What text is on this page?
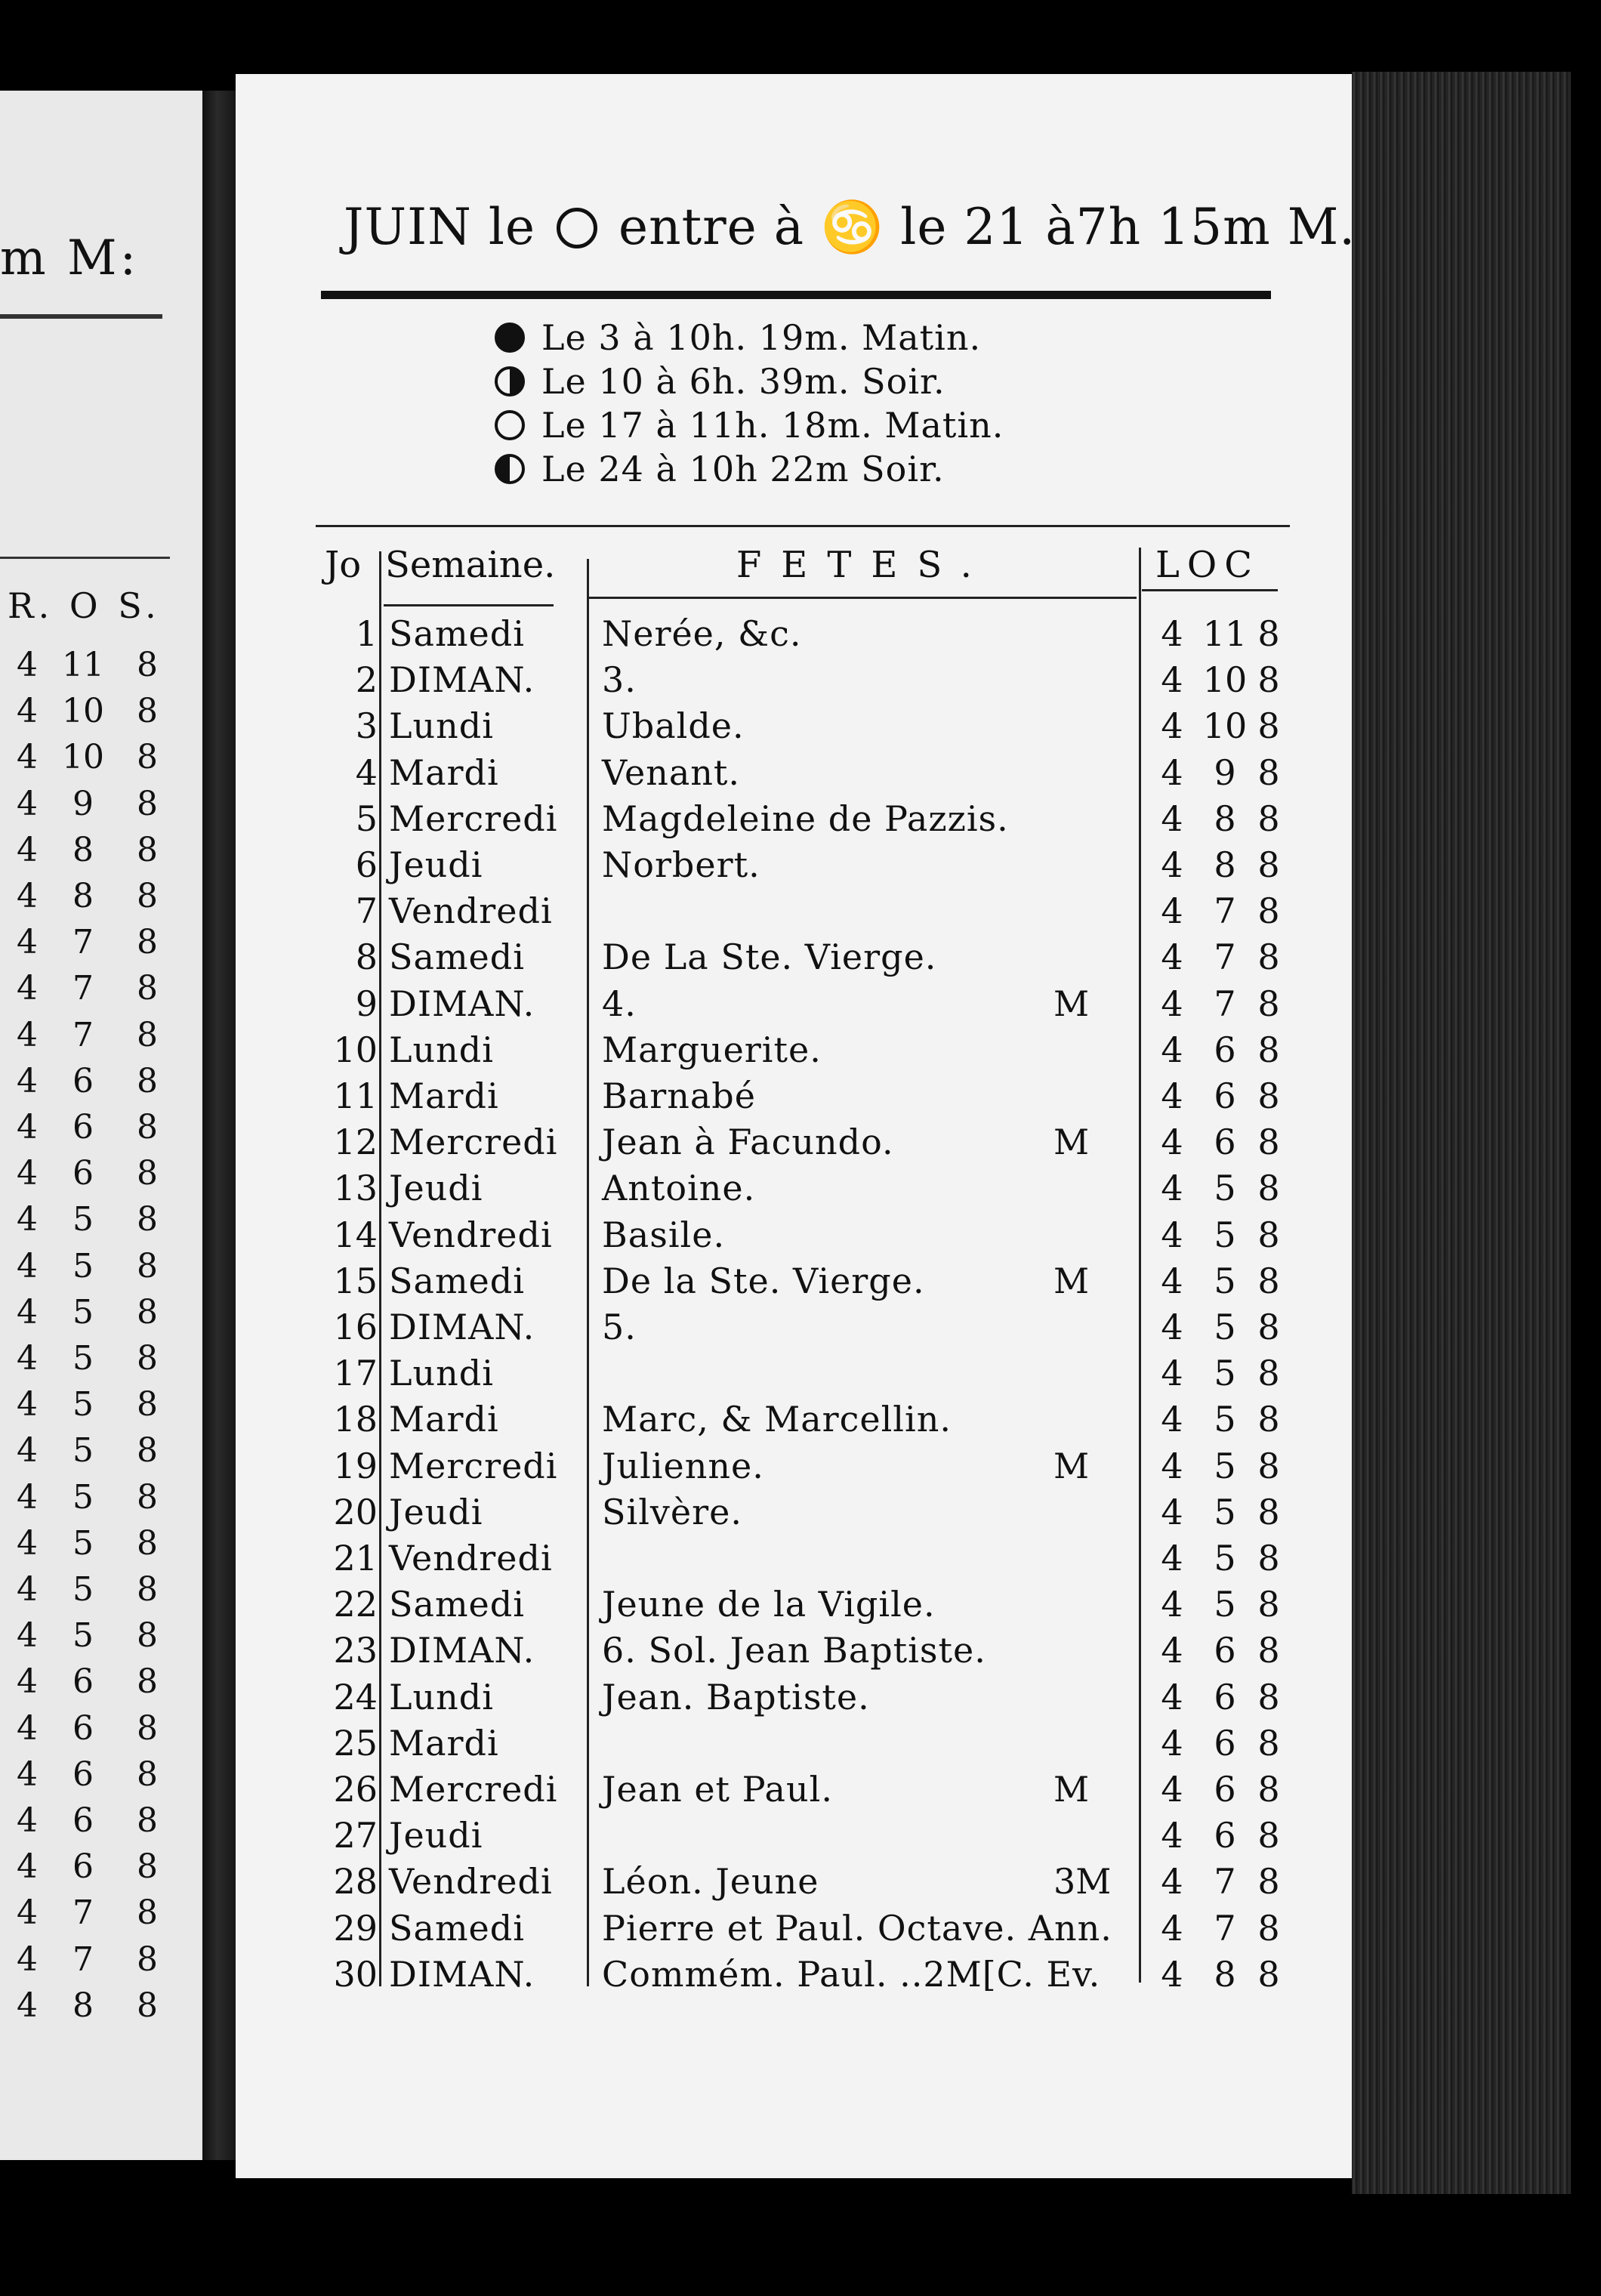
m M:
R. O S.
4 11 8
4 10 8
4 10 8
4 9 8
4 8 8
4 8 8
4 7 8
4 7 8
4 7 8
4 6 8
4 6 8
4 6 8
4 5 8
4 5 8
4 5 8
4 5 8
4 5 8
4 5 8
4 5 8
4 5 8
4 5 8
4 5 8
4 6 8
4 6 8
4 6 8
4 6 8
4 6 8
4 7 8
4 7 8
4 8 8
JUIN le entre à ♋ le 21 à7h 15m M.
Le 3 à 10h. 19m. Matin.
Le 10 à 6h. 39m. Soir.
Le 17 à 11h. 18m. Matin.
Le 24 à 10h 22m Soir.
Jo Semaine.	FETES.	LOC
1 Samedi Nerée, &c.	4 11 8
2 DIMAN. 3.	4 10 8
3 Lundi	Ubalde.	4 10 8
4 Mardi	Venant.	4 9 8
5 Mercredi Magdeleine de Pazzis.	4 8 8
6 Jeudi	Norbert.	4 8 8
7 Vendredi	4 7 8
8 Samedi De La Ste. Vierge.	4 7 8
9 DIMAN. 4.	M 4 7 8
10 Lundi	Marguerite.	4 6 8
11 Mardi	Barnabé	4 6 8
12 Mercredi Jean à Facundo.	M 4 6 8
13 Jeudi	Antoine.	4 5 8
14 Vendredi Basile.	4 5 8
15 Samedi De la Ste. Vierge.	M 4 5 8
16 DIMAN. 5.	4 5 8
17 Lundi	4 5 8
18 Mardi	Marc, & Marcellin.	4 5 8
19 Mercredi Julienne.	M 4 5 8
20 Jeudi	Silvère.	4 5 8
21 Vendredi	4 5 8
22 Samedi Jeune de la Vigile.	4 5 8
23 DIMAN. 6. Sol. Jean Baptiste.	4 6 8
24 Lundi	Jean. Baptiste.	4 6 8
25 Mardi	4 6 8
26 Mercredi Jean et Paul.	M 4 6 8
27 Jeudi	4 6 8
28 Vendredi Léon. Jeune	3M 4 7 8
29 Samedi Pierre et Paul. Octave. Ann. 4 7 8
30 DIMAN. Commém. Paul. ..2M[C. Ev. 4 8 8
